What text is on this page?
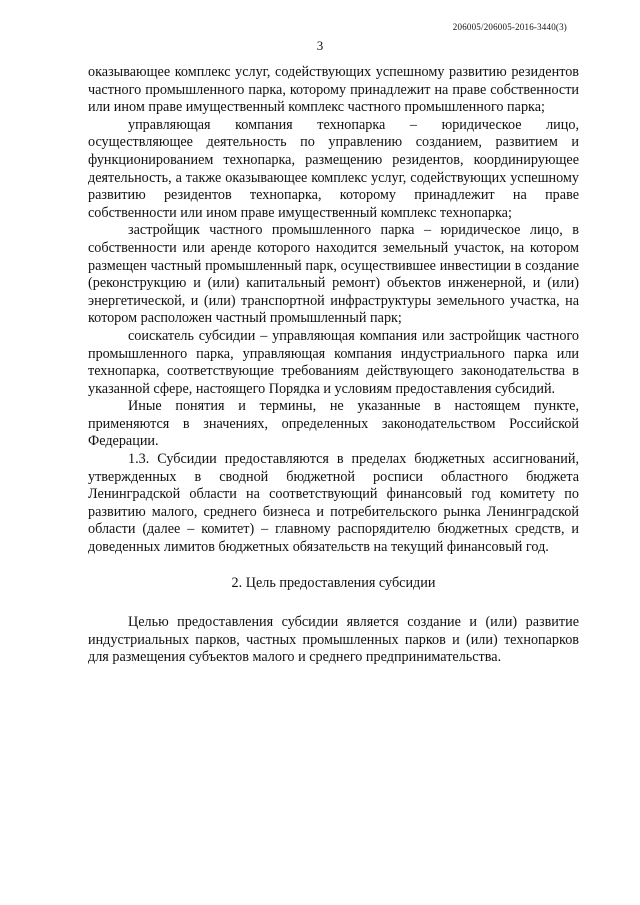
206005/206005-2016-3440(3)
3

оказывающее комплекс услуг, содействующих успешному развитию резидентов частного промышленного парка, которому принадлежит на праве собственности или ином праве имущественный комплекс частного промышленного парка;

управляющая компания технопарка – юридическое лицо, осуществляющее деятельность по управлению созданием, развитием и функционированием технопарка, размещению резидентов, координирующее деятельность, а также оказывающее комплекс услуг, содействующих успешному развитию резидентов технопарка, которому принадлежит на праве собственности или ином праве имущественный комплекс технопарка;

застройщик частного промышленного парка – юридическое лицо, в собственности или аренде которого находится земельный участок, на котором размещен частный промышленный парк, осуществившее инвестиции в создание (реконструкцию и (или) капитальный ремонт) объектов инженерной, и (или) энергетической, и (или) транспортной инфраструктуры земельного участка, на котором расположен частный промышленный парк;

соискатель субсидии – управляющая компания или застройщик частного промышленного парка, управляющая компания индустриального парка или технопарка, соответствующие требованиям действующего законодательства в указанной сфере, настоящего Порядка и условиям предоставления субсидий.

Иные понятия и термины, не указанные в настоящем пункте, применяются в значениях, определенных законодательством Российской Федерации.

1.3. Субсидии предоставляются в пределах бюджетных ассигнований, утвержденных в сводной бюджетной росписи областного бюджета Ленинградской области на соответствующий финансовый год комитету по развитию малого, среднего бизнеса и потребительского рынка Ленинградской области (далее – комитет) – главному распорядителю бюджетных средств, и доведенных лимитов бюджетных обязательств на текущий финансовый год.

2. Цель предоставления субсидии

Целью предоставления субсидии является создание и (или) развитие индустриальных парков, частных промышленных парков и (или) технопарков для размещения субъектов малого и среднего предпринимательства.
